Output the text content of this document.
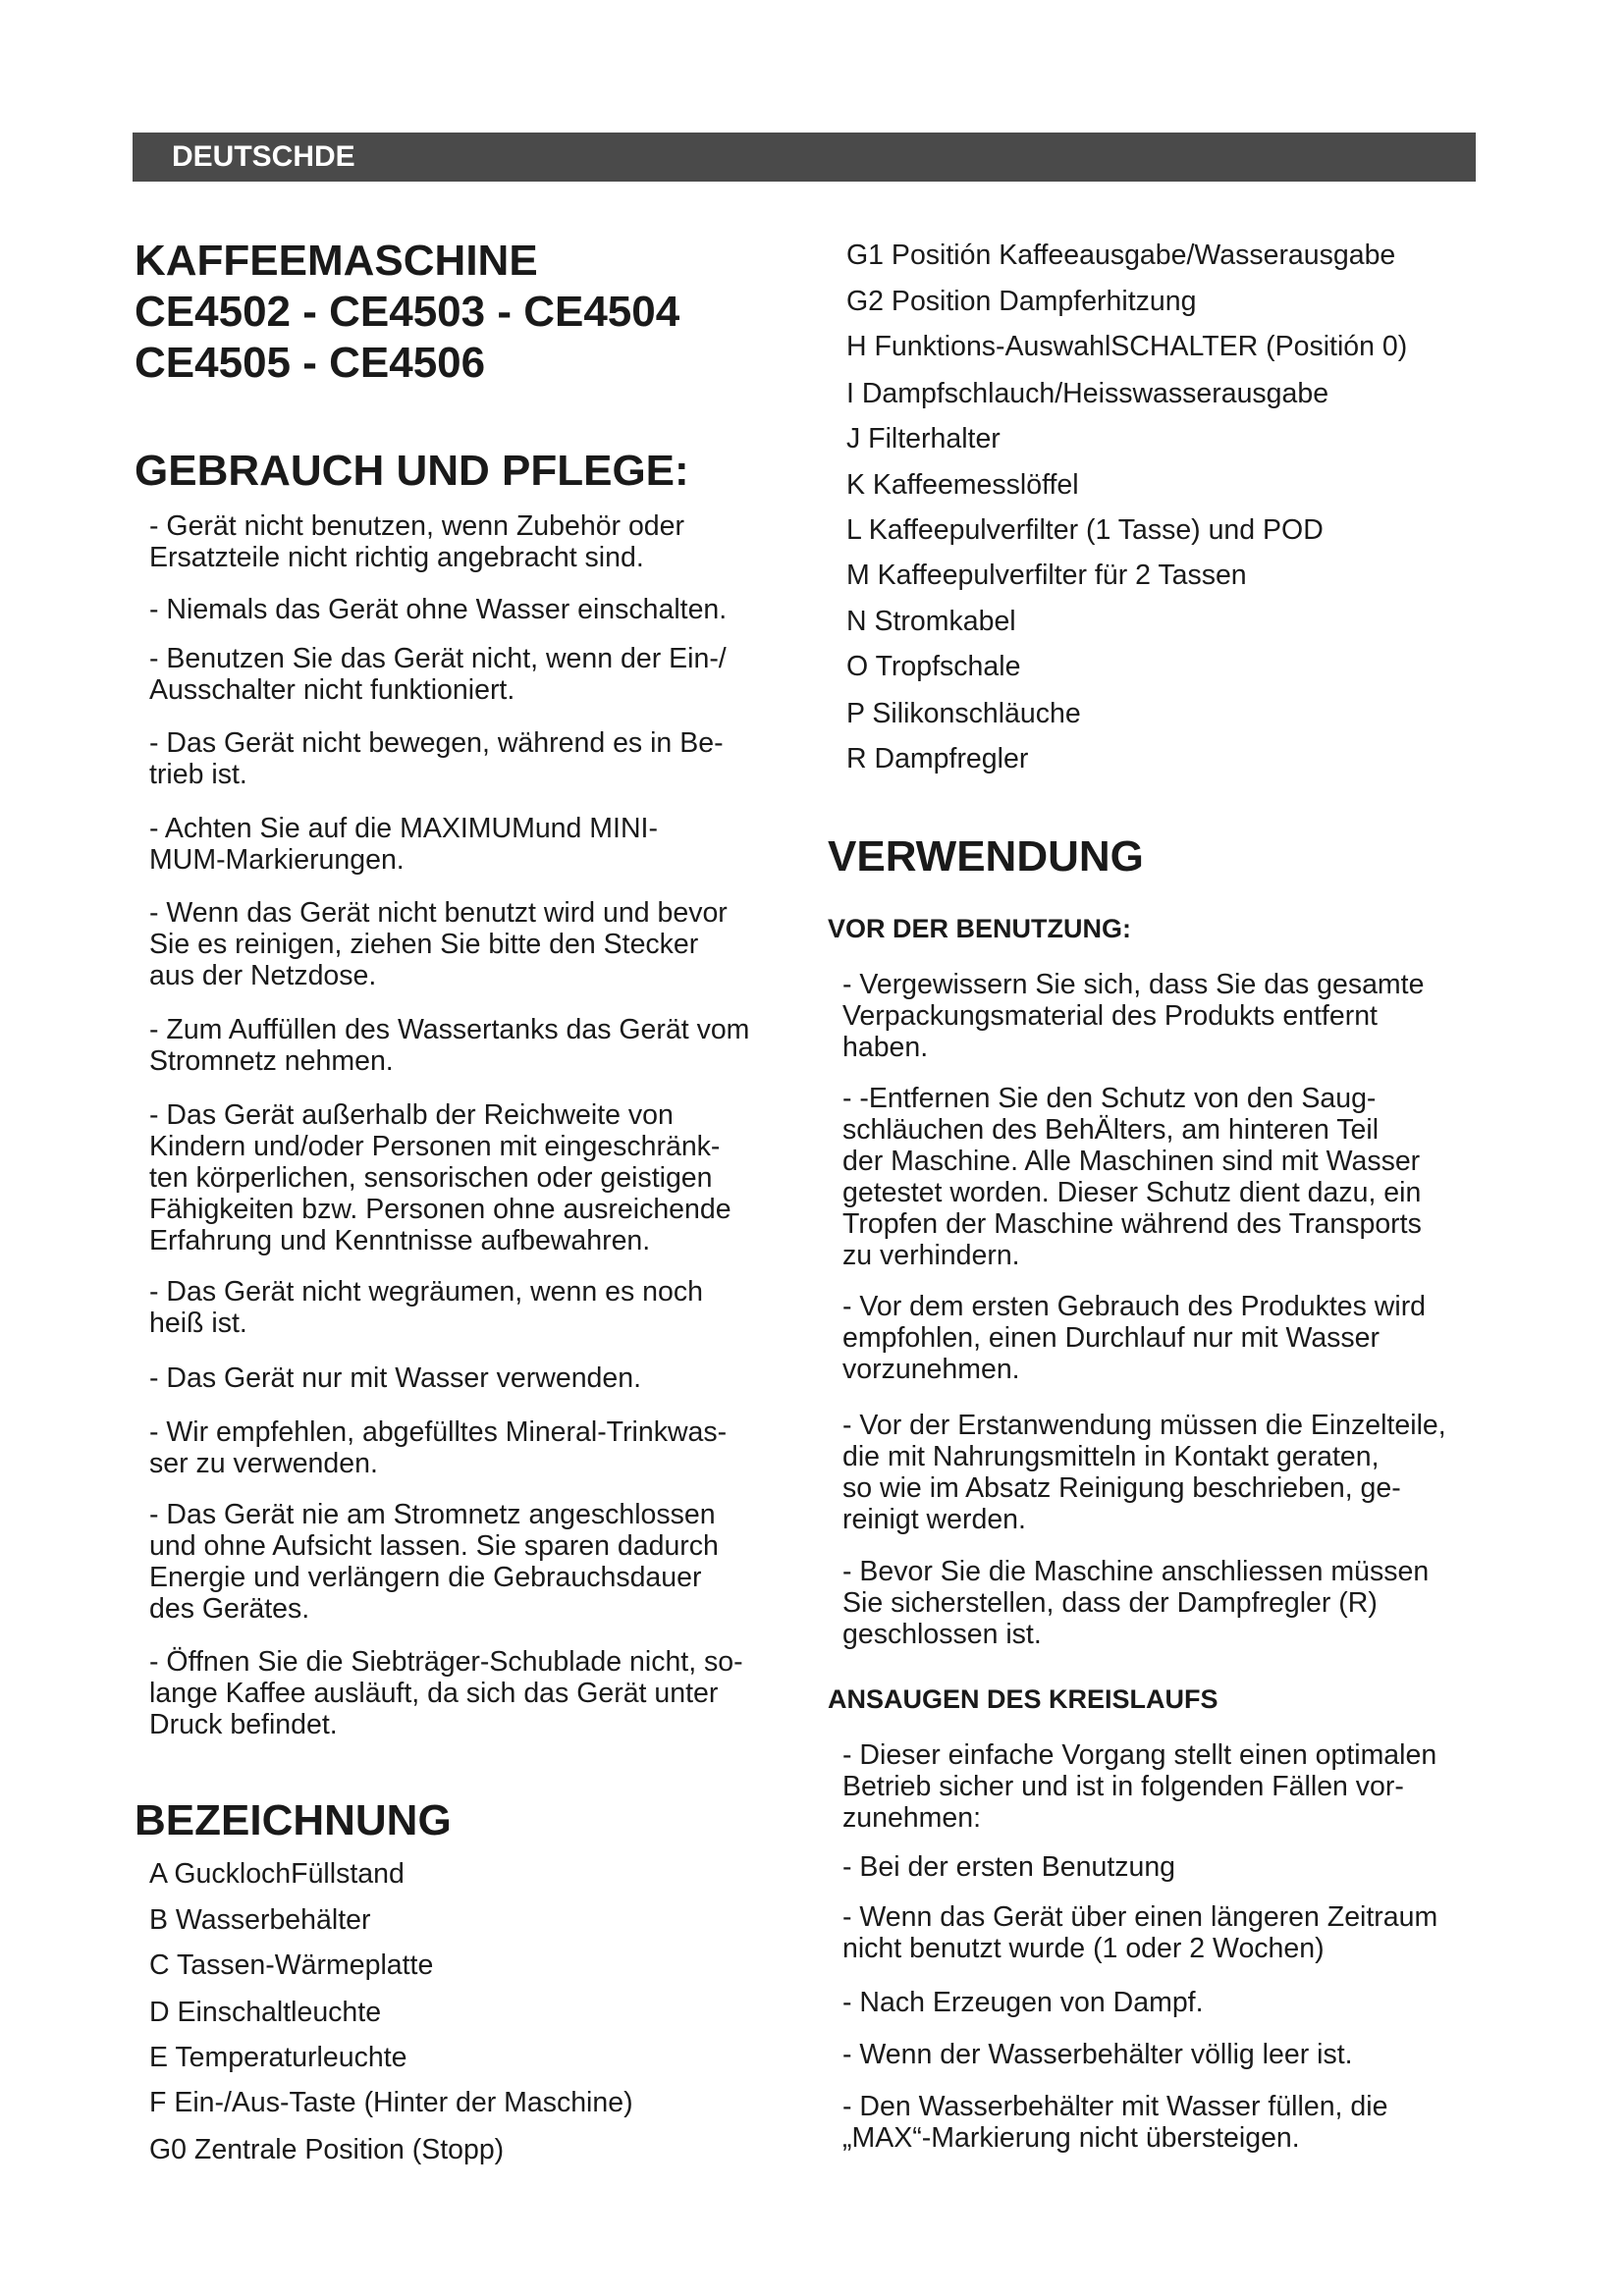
DEUTSCHDE
KAFFEEMASCHINE
CE4502 - CE4503 - CE4504
CE4505 - CE4506
GEBRAUCH UND PFLEGE:

- Gerät nicht benutzen, wenn Zubehör oder
Ersatzteile nicht richtig angebracht sind.

- Niemals das Gerät ohne Wasser einschalten.

- Benutzen Sie das Gerät nicht, wenn der Ein-/
Ausschalter nicht funktioniert.

- Das Gerät nicht bewegen, während es in Be-
trieb ist.

- Achten Sie auf die MAXIMUMund MINI-
MUM-Markierungen.

- Wenn das Gerät nicht benutzt wird und bevor
Sie es reinigen, ziehen Sie bitte den Stecker
aus der Netzdose.

- Zum Auffüllen des Wassertanks das Gerät vom
Stromnetz nehmen.

- Das Gerät außerhalb der Reichweite von
Kindern und/oder Personen mit eingeschränk-
ten körperlichen, sensorischen oder geistigen
Fähigkeiten bzw. Personen ohne ausreichende
Erfahrung und Kenntnisse aufbewahren.

- Das Gerät nicht wegräumen, wenn es noch
heiß ist.

- Das Gerät nur mit Wasser verwenden.

- Wir empfehlen, abgefülltes Mineral-Trinkwas-
ser zu verwenden.

- Das Gerät nie am Stromnetz angeschlossen
und ohne Aufsicht lassen. Sie sparen dadurch
Energie und verlängern die Gebrauchsdauer
des Gerätes.

- Öffnen Sie die Siebträger-Schublade nicht, so-
lange Kaffee ausläuft, da sich das Gerät unter
Druck befindet.

BEZEICHNUNG

A GucklochFüllstand

B Wasserbehälter

C Tassen-Wärmeplatte

D Einschaltleuchte

E Temperaturleuchte

F Ein-/Aus-Taste (Hinter der Maschine)

G0 Zentrale Position (Stopp)

G1 Positión Kaffeeausgabe/Wasserausgabe

G2 Position Dampferhitzung

H Funktions-AuswahlSCHALTER (Positión 0)

I Dampfschlauch/Heisswasserausgabe

J Filterhalter

K Kaffeemesslöffel

L Kaffeepulverfilter (1 Tasse) und POD

M Kaffeepulverfilter für 2 Tassen

N Stromkabel

O Tropfschale

P Silikonschläuche

R Dampfregler

VERWENDUNG
VOR DER BENUTZUNG:

- Vergewissern Sie sich, dass Sie das gesamte
Verpackungsmaterial des Produkts entfernt
haben.

- -Entfernen Sie den Schutz von den Saug-
schläuchen des BehÄlters, am hinteren Teil
der Maschine. Alle Maschinen sind mit Wasser
getestet worden. Dieser Schutz dient dazu, ein
Tropfen der Maschine während des Transports
zu verhindern.

- Vor dem ersten Gebrauch des Produktes wird
empfohlen, einen Durchlauf nur mit Wasser
vorzunehmen.

- Vor der Erstanwendung müssen die Einzelteile,
die mit Nahrungsmitteln in Kontakt geraten,
so wie im Absatz Reinigung beschrieben, ge-
reinigt werden.

- Bevor Sie die Maschine anschliessen müssen
Sie sicherstellen, dass der Dampfregler (R)
geschlossen ist.

ANSAUGEN DES KREISLAUFS

- Dieser einfache Vorgang stellt einen optimalen
Betrieb sicher und ist in folgenden Fällen vor-
zunehmen:

- Bei der ersten Benutzung

- Wenn das Gerät über einen längeren Zeitraum
nicht benutzt wurde (1 oder 2 Wochen)

- Nach Erzeugen von Dampf.

- Wenn der Wasserbehälter völlig leer ist.

- Den Wasserbehälter mit Wasser füllen, die
„MAX“-Markierung nicht übersteigen.
